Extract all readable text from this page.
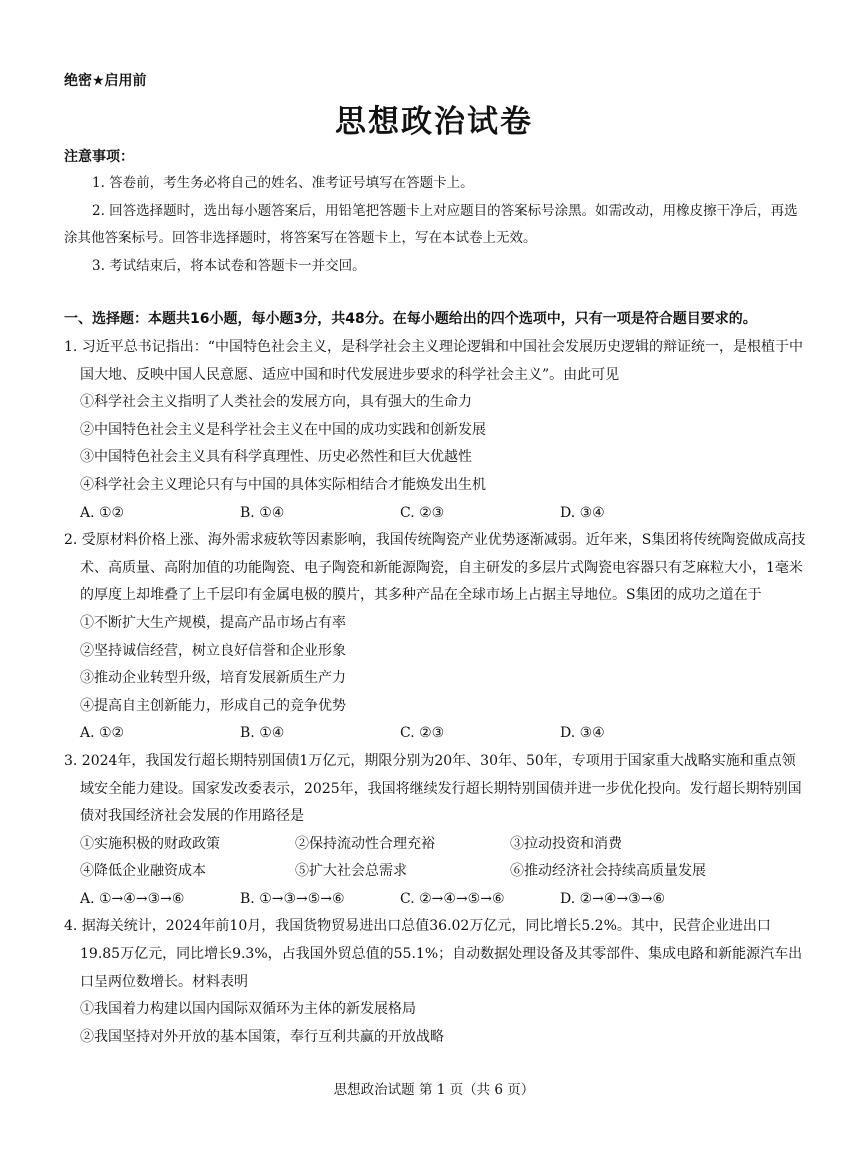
绝密★启用前
思想政治试卷
注意事项：
1. 答卷前，考生务必将自己的姓名、准考证号填写在答题卡上。
2. 回答选择题时，选出每小题答案后，用铅笔把答题卡上对应题目的答案标号涂黑。如需改动，用橡皮擦干净后，再选涂其他答案标号。回答非选择题时，将答案写在答题卡上，写在本试卷上无效。
3. 考试结束后，将本试卷和答题卡一并交回。
一、选择题：本题共16小题，每小题3分，共48分。在每小题给出的四个选项中，只有一项是符合题目要求的。
1. 习近平总书记指出：“中国特色社会主义，是科学社会主义理论逻辑和中国社会发展历史逻辑的辩证统一，是根植于中国大地、反映中国人民意愿、适应中国和时代发展进步要求的科学社会主义”。由此可见
①科学社会主义指明了人类社会的发展方向，具有强大的生命力
②中国特色社会主义是科学社会主义在中国的成功实践和创新发展
③中国特色社会主义具有科学真理性、历史必然性和巨大优越性
④科学社会主义理论只有与中国的具体实际相结合才能焕发出生机
A. ①②	B. ①④	C. ②③	D. ③④
2. 受原材料价格上涨、海外需求疲软等因素影响，我国传统陶瓷产业优势逐渐减弱。近年来，S集团将传统陶瓷做成高技术、高质量、高附加值的功能陶瓷、电子陶瓷和新能源陶瓷，自主研发的多层片式陶瓷电容器只有芝麻粒大小，1毫米的厚度上却堆叠了上千层印有金属电极的膜片，其多种产品在全球市场上占据主导地位。S集团的成功之道在于
①不断扩大生产规模，提高产品市场占有率
②坚持诚信经营，树立良好信誉和企业形象
③推动企业转型升级，培育发展新质生产力
④提高自主创新能力，形成自己的竞争优势
A. ①②	B. ①④	C. ②③	D. ③④
3. 2024年，我国发行超长期特别国债1万亿元，期限分别为20年、30年、50年，专项用于国家重大战略实施和重点领域安全能力建设。国家发改委表示，2025年，我国将继续发行超长期特别国债并进一步优化投向。发行超长期特别国债对我国经济社会发展的作用路径是
①实施积极的财政政策	②保持流动性合理充裕	③拉动投资和消费
④降低企业融资成本	⑤扩大社会总需求	⑥推动经济社会持续高质量发展
A. ①→④→③→⑥	B. ①→③→⑤→⑥	C. ②→④→⑤→⑥	D. ②→④→③→⑥
4. 据海关统计，2024年前10月，我国货物贸易进出口总值36.02万亿元，同比增长5.2%。其中，民营企业进出口19.85万亿元，同比增长9.3%，占我国外贸总值的55.1%；自动数据处理设备及其零部件、集成电路和新能源汽车出口呈两位数增长。材料表明
①我国着力构建以国内国际双循环为主体的新发展格局
②我国坚持对外开放的基本国策，奉行互利共赢的开放战略
思想政治试题 第 1 页（共 6 页）
